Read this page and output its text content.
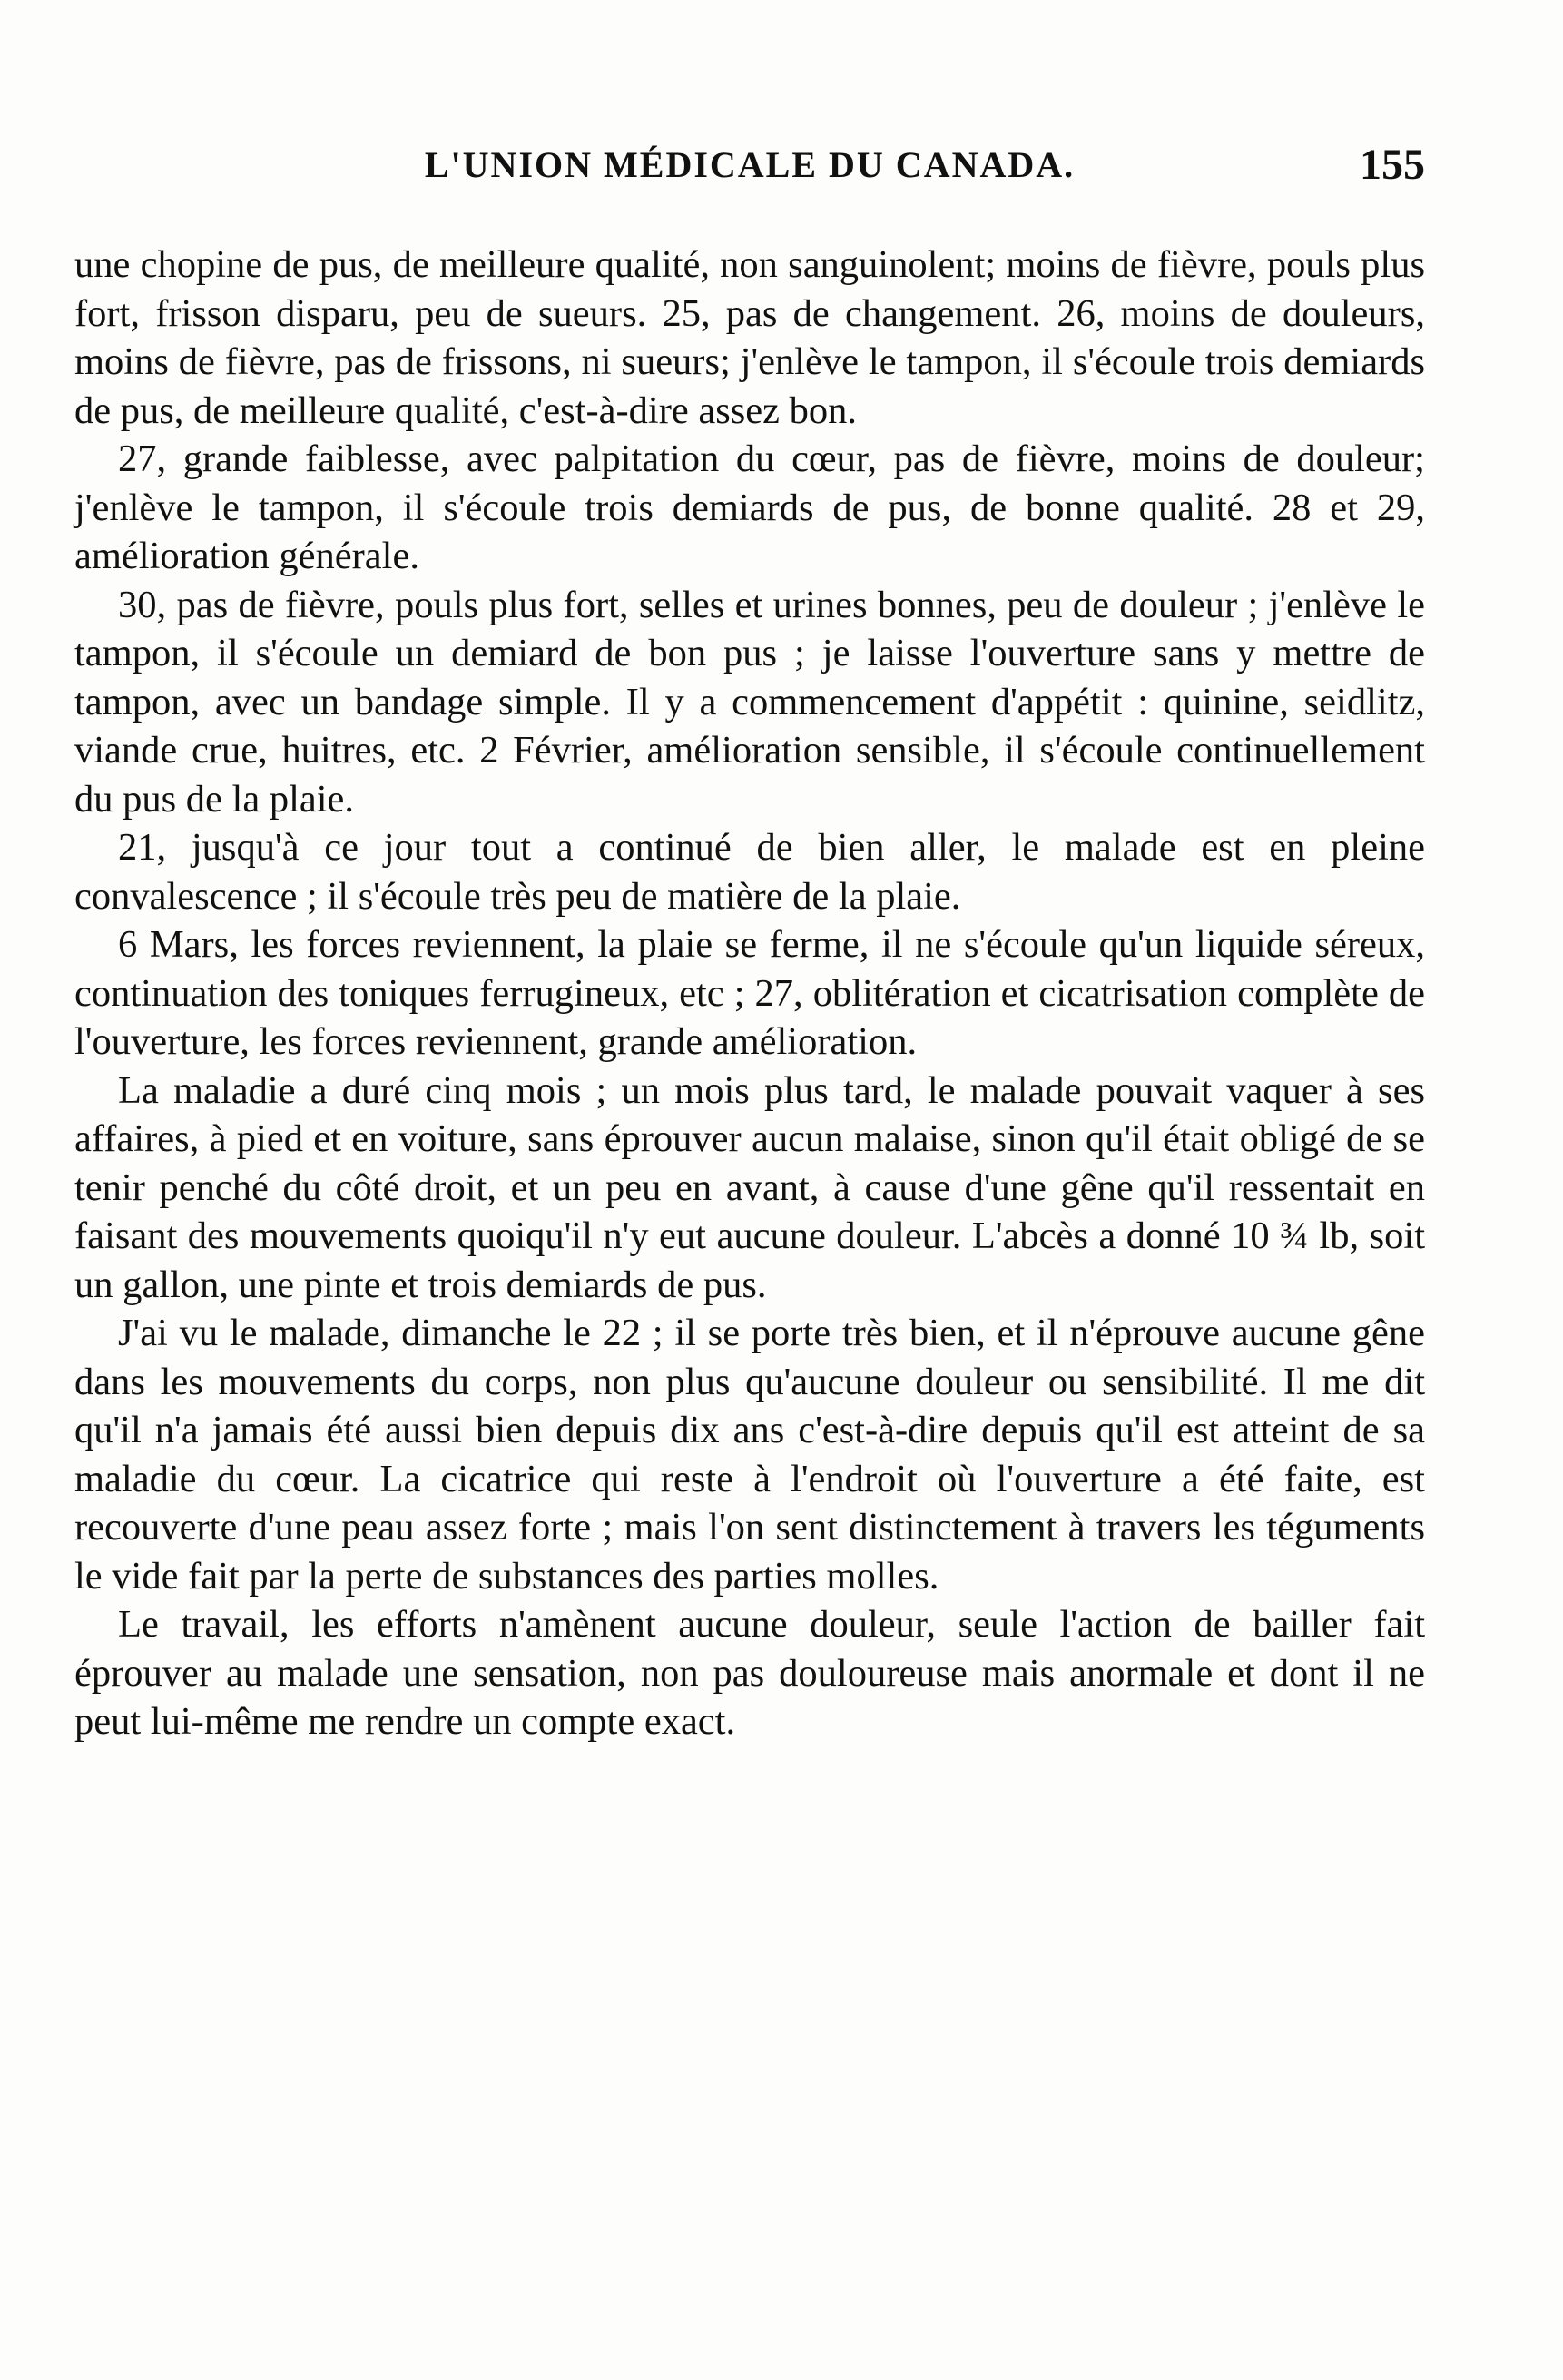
L'UNION MÉDICALE DU CANADA.	155

une chopine de pus, de meilleure qualité, non sanguinolent; moins de fièvre, pouls plus fort, frisson disparu, peu de sueurs. 25, pas de changement. 26, moins de douleurs, moins de fièvre, pas de frissons, ni sueurs; j'enlève le tampon, il s'écoule trois demiards de pus, de meilleure qualité, c'est-à-dire assez bon.

27, grande faiblesse, avec palpitation du cœur, pas de fièvre, moins de douleur; j'enlève le tampon, il s'écoule trois demiards de pus, de bonne qualité. 28 et 29, amélioration générale.

30, pas de fièvre, pouls plus fort, selles et urines bonnes, peu de douleur ; j'enlève le tampon, il s'écoule un demiard de bon pus ; je laisse l'ouverture sans y mettre de tampon, avec un bandage simple. Il y a commencement d'appétit : quinine, seidlitz, viande crue, huitres, etc. 2 Février, amélioration sensible, il s'écoule continuellement du pus de la plaie.

21, jusqu'à ce jour tout a continué de bien aller, le malade est en pleine convalescence ; il s'écoule très peu de matière de la plaie.

6 Mars, les forces reviennent, la plaie se ferme, il ne s'écoule qu'un liquide séreux, continuation des toniques ferrugineux, etc ; 27, oblitération et cicatrisation complète de l'ouverture, les forces reviennent, grande amélioration.

La maladie a duré cinq mois ; un mois plus tard, le malade pouvait vaquer à ses affaires, à pied et en voiture, sans éprouver aucun malaise, sinon qu'il était obligé de se tenir penché du côté droit, et un peu en avant, à cause d'une gêne qu'il ressentait en faisant des mouvements quoiqu'il n'y eut aucune douleur. L'abcès a donné 10 ¾ lb, soit un gallon, une pinte et trois demiards de pus.

J'ai vu le malade, dimanche le 22 ; il se porte très bien, et il n'éprouve aucune gêne dans les mouvements du corps, non plus qu'aucune douleur ou sensibilité. Il me dit qu'il n'a jamais été aussi bien depuis dix ans c'est-à-dire depuis qu'il est atteint de sa maladie du cœur. La cicatrice qui reste à l'endroit où l'ouverture a été faite, est recouverte d'une peau assez forte ; mais l'on sent distinctement à travers les téguments le vide fait par la perte de substances des parties molles.

Le travail, les efforts n'amènent aucune douleur, seule l'action de bailler fait éprouver au malade une sensation, non pas douloureuse mais anormale et dont il ne peut lui-même me rendre un compte exact.
